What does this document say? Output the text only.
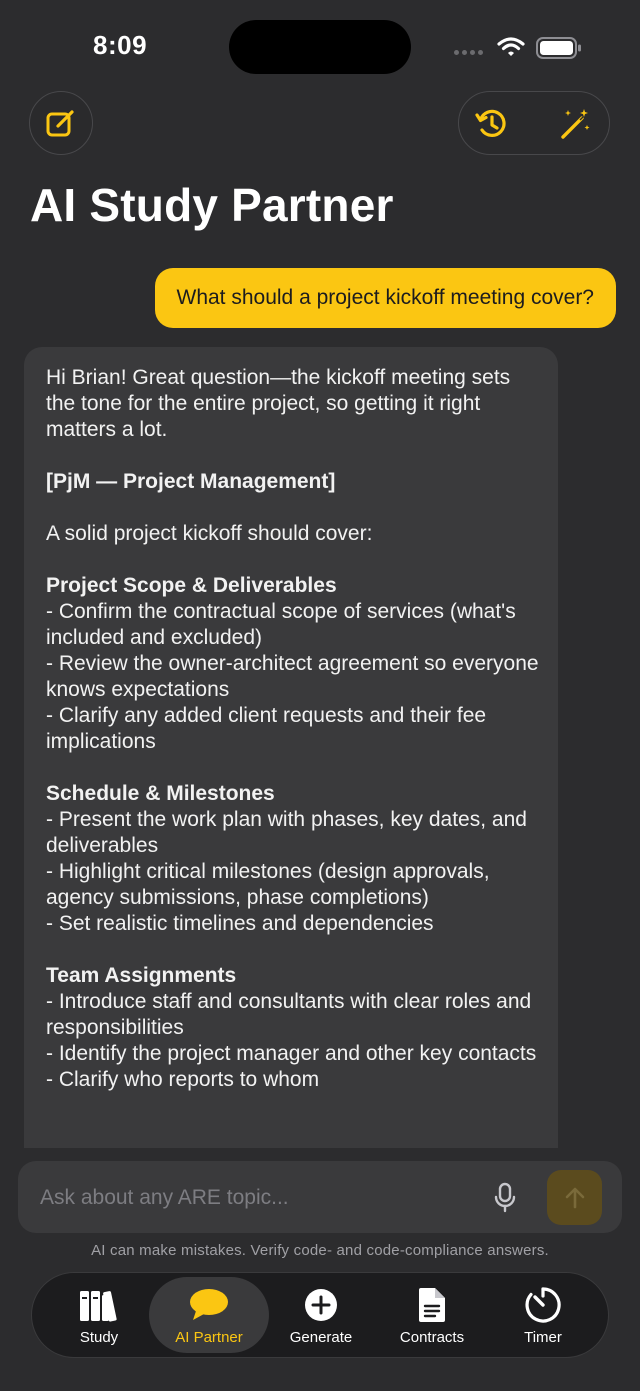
8:09
AI Study Partner
What should a project kickoff meeting cover?

Hi Brian! Great question—the kickoff meeting sets the tone for the entire project, so getting it right matters a lot.

[PjM — Project Management]

A solid project kickoff should cover:

Project Scope & Deliverables

- Confirm the contractual scope of services (what's included and excluded)

- Review the owner-architect agreement so everyone knows expectations

- Clarify any added client requests and their fee implications

Schedule & Milestones

- Present the work plan with phases, key dates, and deliverables

- Highlight critical milestones (design approvals, agency submissions, phase completions)

- Set realistic timelines and dependencies

Team Assignments

- Introduce staff and consultants with clear roles and responsibilities

- Identify the project manager and other key contacts

- Clarify who reports to whom

Ask about any ARE topic...
AI can make mistakes. Verify code- and code-compliance answers.
Study	AI Partner	Generate	Contracts	Timer
